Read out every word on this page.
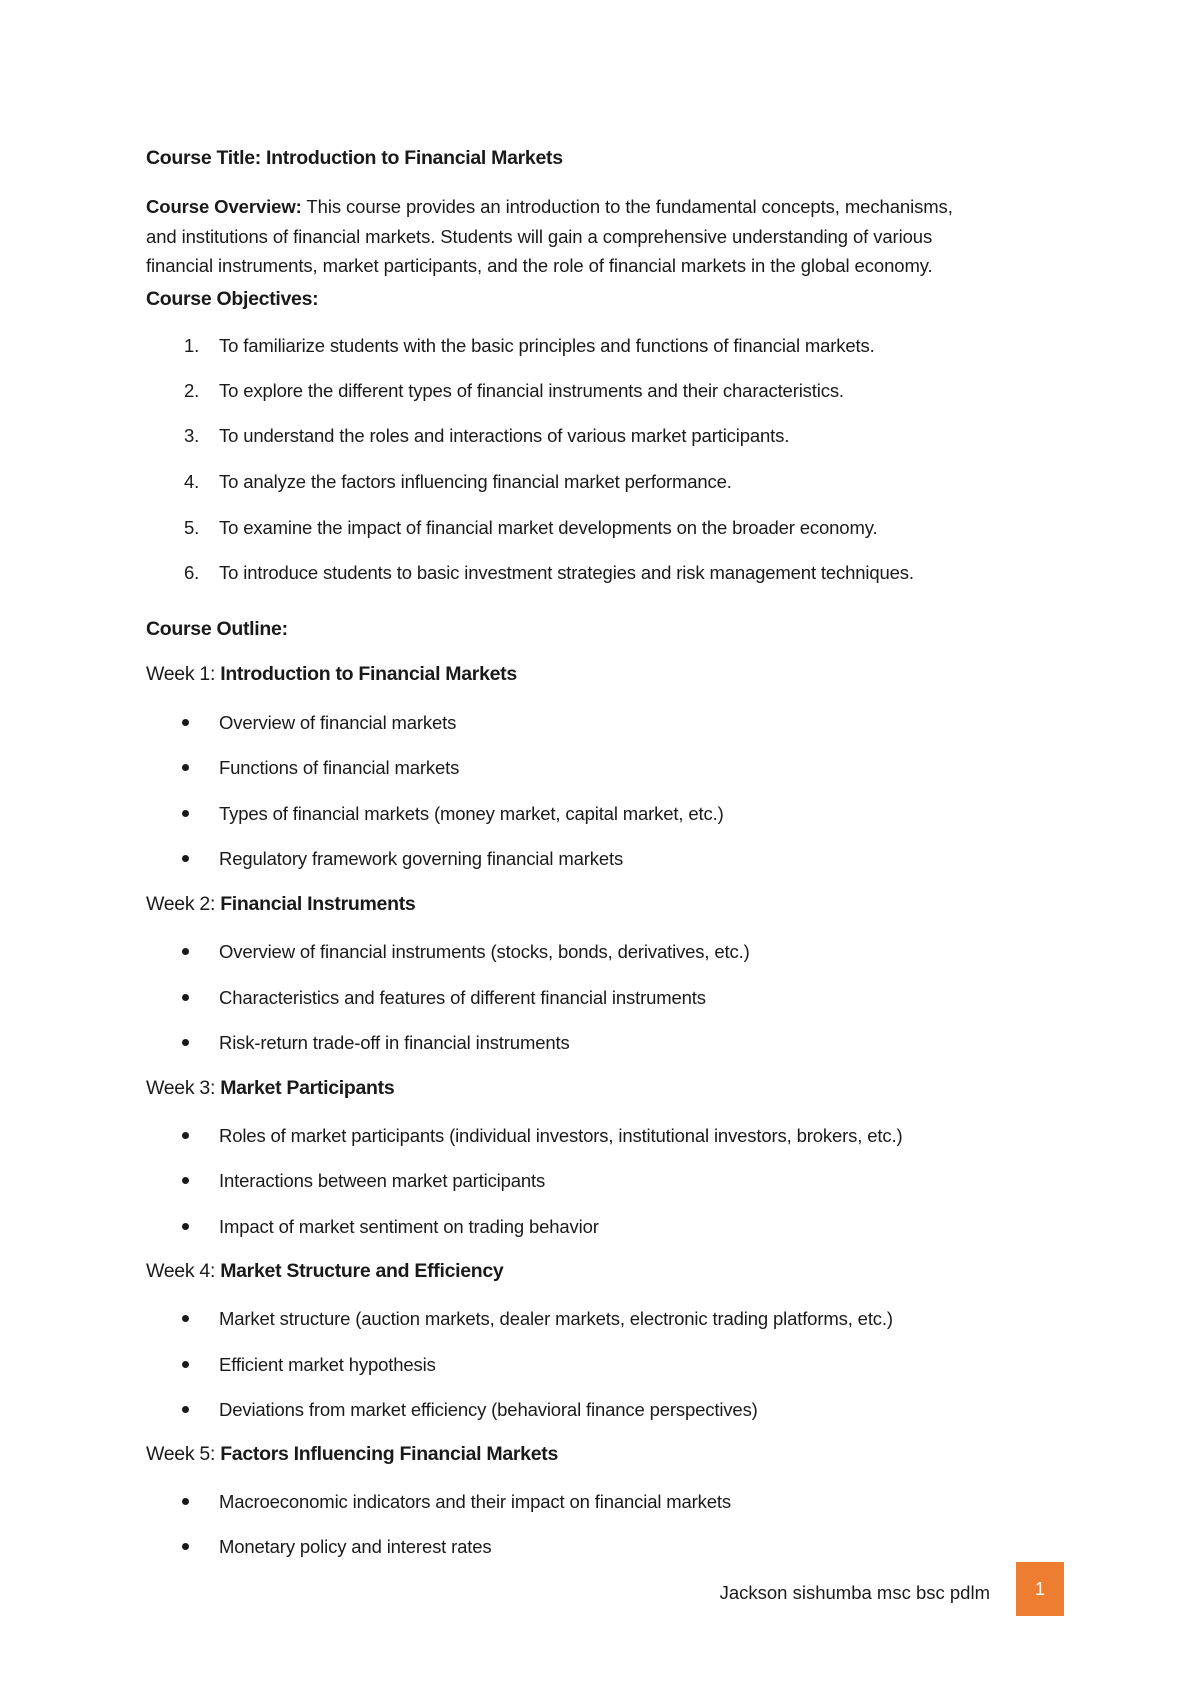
Course Title: Introduction to Financial Markets
Course Overview: This course provides an introduction to the fundamental concepts, mechanisms,
and institutions of financial markets. Students will gain a comprehensive understanding of various
financial instruments, market participants, and the role of financial markets in the global economy.
Course Objectives:
1.	To familiarize students with the basic principles and functions of financial markets.
2.	To explore the different types of financial instruments and their characteristics.
3.	To understand the roles and interactions of various market participants.
4.	To analyze the factors influencing financial market performance.
5.	To examine the impact of financial market developments on the broader economy.
6.	To introduce students to basic investment strategies and risk management techniques.
Course Outline:
Week 1: Introduction to Financial Markets
Overview of financial markets
Functions of financial markets
Types of financial markets (money market, capital market, etc.)
Regulatory framework governing financial markets
Week 2: Financial Instruments
Overview of financial instruments (stocks, bonds, derivatives, etc.)
Characteristics and features of different financial instruments
Risk-return trade-off in financial instruments
Week 3: Market Participants
Roles of market participants (individual investors, institutional investors, brokers, etc.)
Interactions between market participants
Impact of market sentiment on trading behavior
Week 4: Market Structure and Efficiency
Market structure (auction markets, dealer markets, electronic trading platforms, etc.)
Efficient market hypothesis
Deviations from market efficiency (behavioral finance perspectives)
Week 5: Factors Influencing Financial Markets
Macroeconomic indicators and their impact on financial markets
Monetary policy and interest rates
Jackson sishumba msc bsc pdlm 1
